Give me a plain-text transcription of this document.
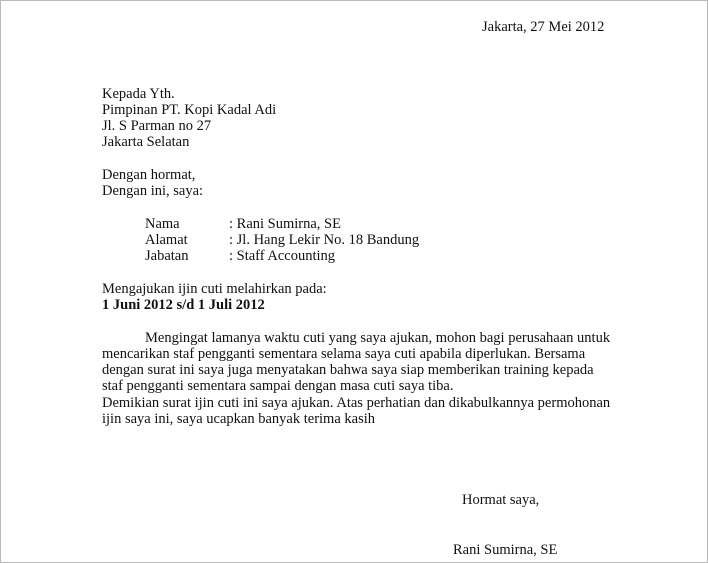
Jakarta, 27 Mei 2012
Kepada Yth.
Pimpinan PT. Kopi Kadal Adi
Jl. S Parman no 27
Jakarta Selatan
Dengan hormat,
Dengan ini, saya:
Nama	: Rani Sumirna, SE
Alamat	: Jl. Hang Lekir No. 18 Bandung
Jabatan	: Staff Accounting
Mengajukan ijin cuti melahirkan pada:
1 Juni 2012 s/d 1 Juli 2012
Mengingat lamanya waktu cuti yang saya ajukan, mohon bagi perusahaan untuk
mencarikan staf pengganti sementara selama saya cuti apabila diperlukan. Bersama
dengan surat ini saya juga menyatakan bahwa saya siap memberikan training kepada
staf pengganti sementara sampai dengan masa cuti saya tiba.
Demikian surat ijin cuti ini saya ajukan. Atas perhatian dan dikabulkannya permohonan
ijin saya ini, saya ucapkan banyak terima kasih
Hormat saya,
Rani Sumirna, SE
